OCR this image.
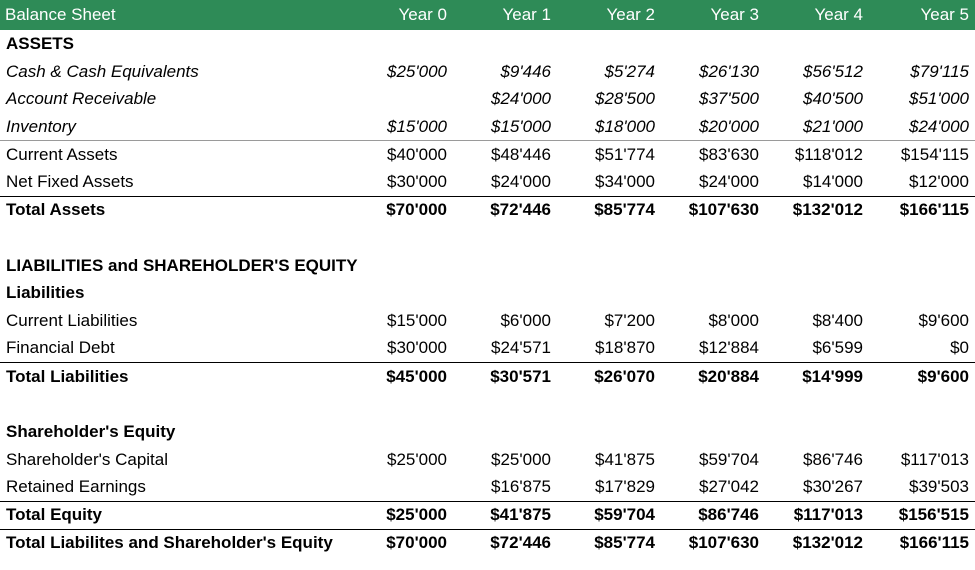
Balance Sheet	Year 0	Year 1	Year 2	Year 3	Year 4	Year 5
ASSETS						
Cash & Cash Equivalents	$25'000	$9'446	$5'274	$26'130	$56'512	$79'115
Account Receivable		$24'000	$28'500	$37'500	$40'500	$51'000
Inventory	$15'000	$15'000	$18'000	$20'000	$21'000	$24'000
Current Assets	$40'000	$48'446	$51'774	$83'630	$118'012	$154'115
Net Fixed Assets	$30'000	$24'000	$34'000	$24'000	$14'000	$12'000
Total Assets	$70'000	$72'446	$85'774	$107'630	$132'012	$166'115

LIABILITIES and SHAREHOLDER'S EQUITY						
Liabilities						
Current Liabilities	$15'000	$6'000	$7'200	$8'000	$8'400	$9'600
Financial Debt	$30'000	$24'571	$18'870	$12'884	$6'599	$0
Total Liabilities	$45'000	$30'571	$26'070	$20'884	$14'999	$9'600

Shareholder's Equity						
Shareholder's Capital	$25'000	$25'000	$41'875	$59'704	$86'746	$117'013
Retained Earnings		$16'875	$17'829	$27'042	$30'267	$39'503
Total Equity	$25'000	$41'875	$59'704	$86'746	$117'013	$156'515
Total Liabilites and Shareholder's Equity	$70'000	$72'446	$85'774	$107'630	$132'012	$166'115
